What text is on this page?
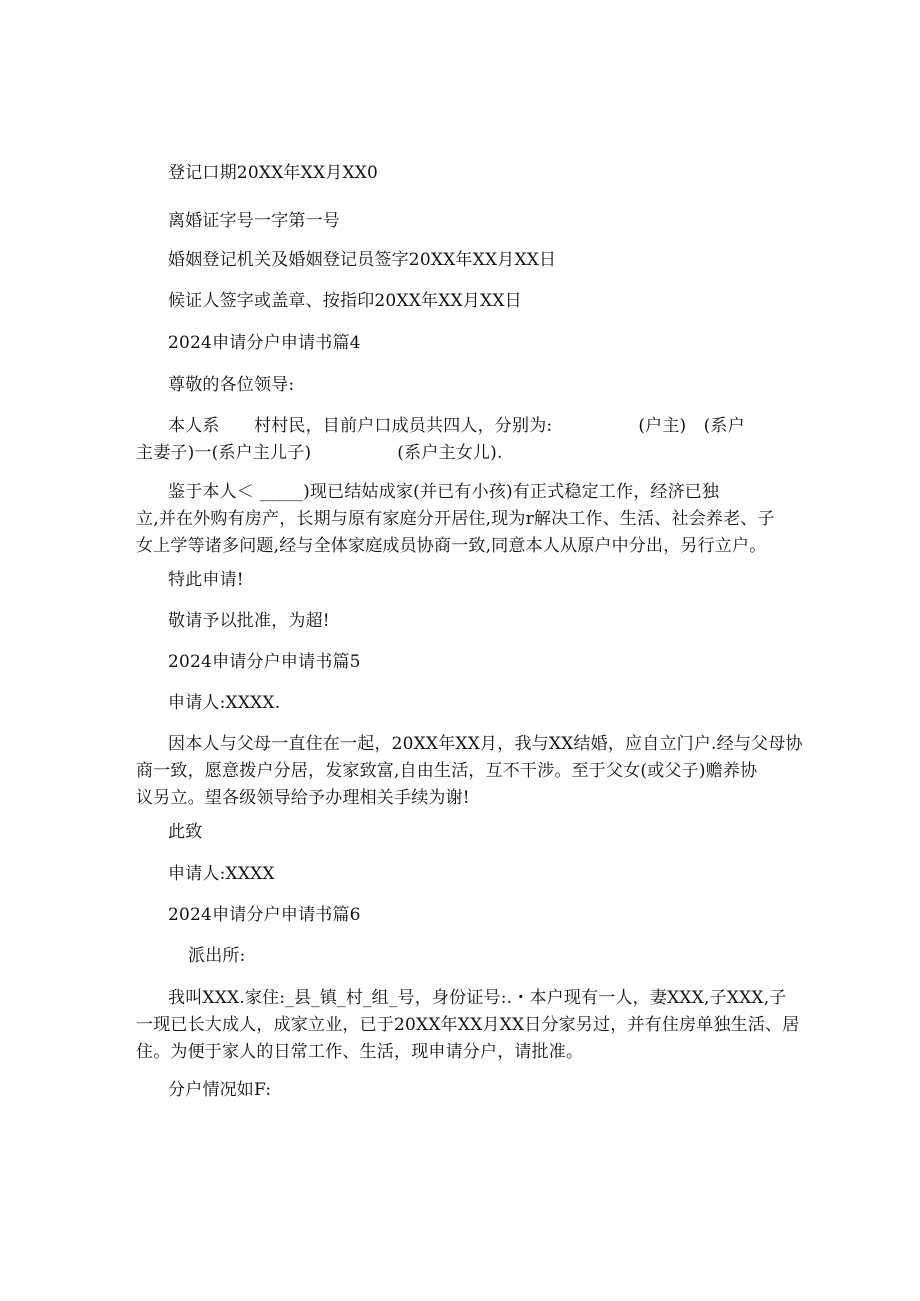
登记口期20XX年XX月XX0
离婚证字号一字第一号
婚姻登记机关及婚姻登记员签字20XX年XX月XX日
候证人签字或盖章、按指印20XX年XX月XX日
2024申请分户申请书篇4
尊敬的各位领导:
本人系　　村村民，目前户口成员共四人，分别为:　　　　　(户主)　(系户
主妻子)一(系户主儿子)　　　　　(系户主女儿).
鉴于本人＜ _____)现已结姑成家(并已有小孩)有正式稳定工作，经济已独
立,并在外购有房产，长期与原有家庭分开居住,现为r解决工作、生活、社会养老、子
女上学等诸多问题,经与全体家庭成员协商一致,同意本人从原户中分出，另行立户。
特此申请!
敬请予以批准，为超!
2024申请分户申请书篇5
申请人:XXXX.
因本人与父母一直住在一起，20XX年XX月，我与XX结婚，应自立门户.经与父母协
商一致，愿意拨户分居，发家致富,自由生活，互不干涉。至于父女(或父子)赡养协
议另立。望各级领导给予办理相关手续为谢!
此致
申请人:XXXX
2024申请分户申请书篇6
派出所:
我叫XXX.家住:_县_镇_村_组_号，身份证号:.・本户现有一人，妻XXX,子XXX,子
一现已长大成人，成家立业，已于20XX年XX月XX日分家另过，并有住房单独生活、居
住。为便于家人的日常工作、生活，现申请分户，请批准。
分户情况如F:
